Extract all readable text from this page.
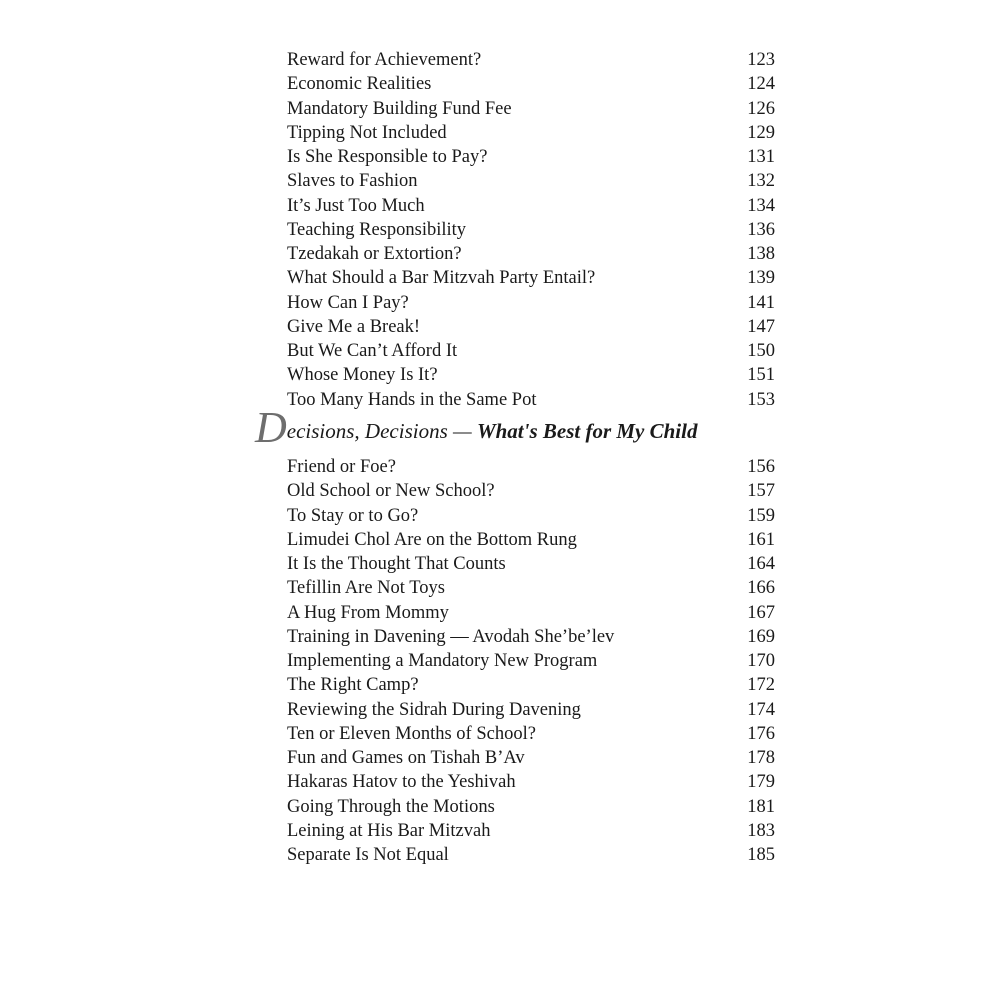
Reward for Achievement?	123
Economic Realities	124
Mandatory Building Fund Fee	126
Tipping Not Included	129
Is She Responsible to Pay?	131
Slaves to Fashion	132
It’s Just Too Much	134
Teaching Responsibility	136
Tzedakah or Extortion?	138
What Should a Bar Mitzvah Party Entail?	139
How Can I Pay?	141
Give Me a Break!	147
But We Can’t Afford It	150
Whose Money Is It?	151
Too Many Hands in the Same Pot	153
Decisions, Decisions — What's Best for My Child
Friend or Foe?	156
Old School or New School?	157
To Stay or to Go?	159
Limudei Chol Are on the Bottom Rung	161
It Is the Thought That Counts	164
Tefillin Are Not Toys	166
A Hug From Mommy	167
Training in Davening — Avodah She’be’lev	169
Implementing a Mandatory New Program	170
The Right Camp?	172
Reviewing the Sidrah During Davening	174
Ten or Eleven Months of School?	176
Fun and Games on Tishah B’Av	178
Hakaras Hatov to the Yeshivah	179
Going Through the Motions	181
Leining at His Bar Mitzvah	183
Separate Is Not Equal	185
